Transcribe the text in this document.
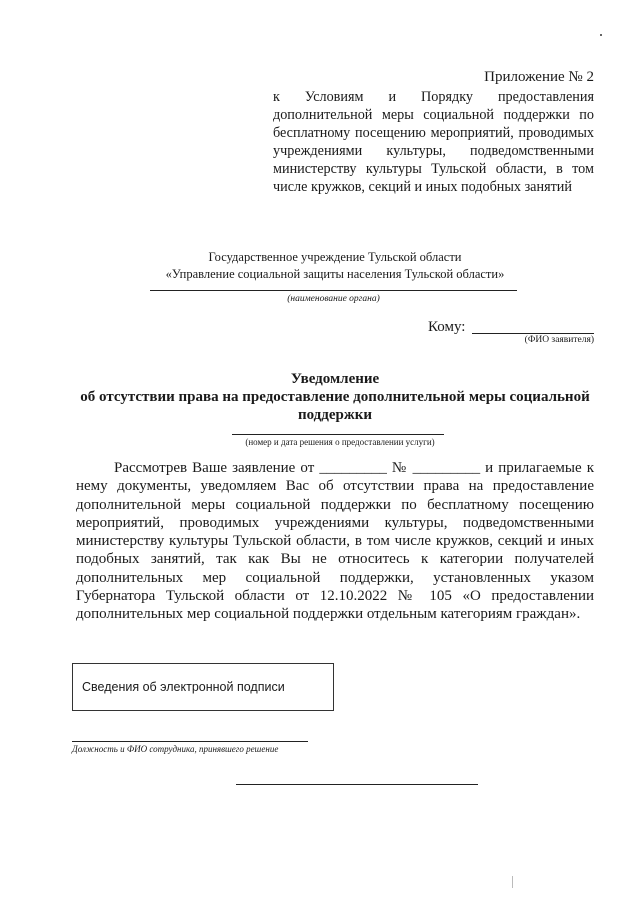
Приложение № 2
к Условиям и Порядку предоставления дополнительной меры социальной поддержки по бесплатному посещению мероприятий, проводимых учреждениями культуры, подведомственными министерству культуры Тульской области, в том числе кружков, секций и иных подобных занятий
Государственное учреждение Тульской области
«Управление социальной защиты населения Тульской области»
(наименование органа)
Кому:
(ФИО заявителя)
Уведомление
об отсутствии права на предоставление дополнительной меры социальной поддержки
(номер и дата решения о предоставлении услуги)
Рассмотрев Ваше заявление от _________ № _________ и прилагаемые к нему документы, уведомляем Вас об отсутствии права на предоставление дополнительной меры социальной поддержки по бесплатному посещению мероприятий, проводимых учреждениями культуры, подведомственными министерству культуры Тульской области, в том числе кружков, секций и иных подобных занятий, так как Вы не относитесь к категории получателей дополнительных мер социальной поддержки, установленных указом Губернатора Тульской области от 12.10.2022 № 105 «О предоставлении дополнительных мер социальной поддержки отдельным категориям граждан».
Сведения об электронной подписи
Должность и ФИО сотрудника, принявшего решение
